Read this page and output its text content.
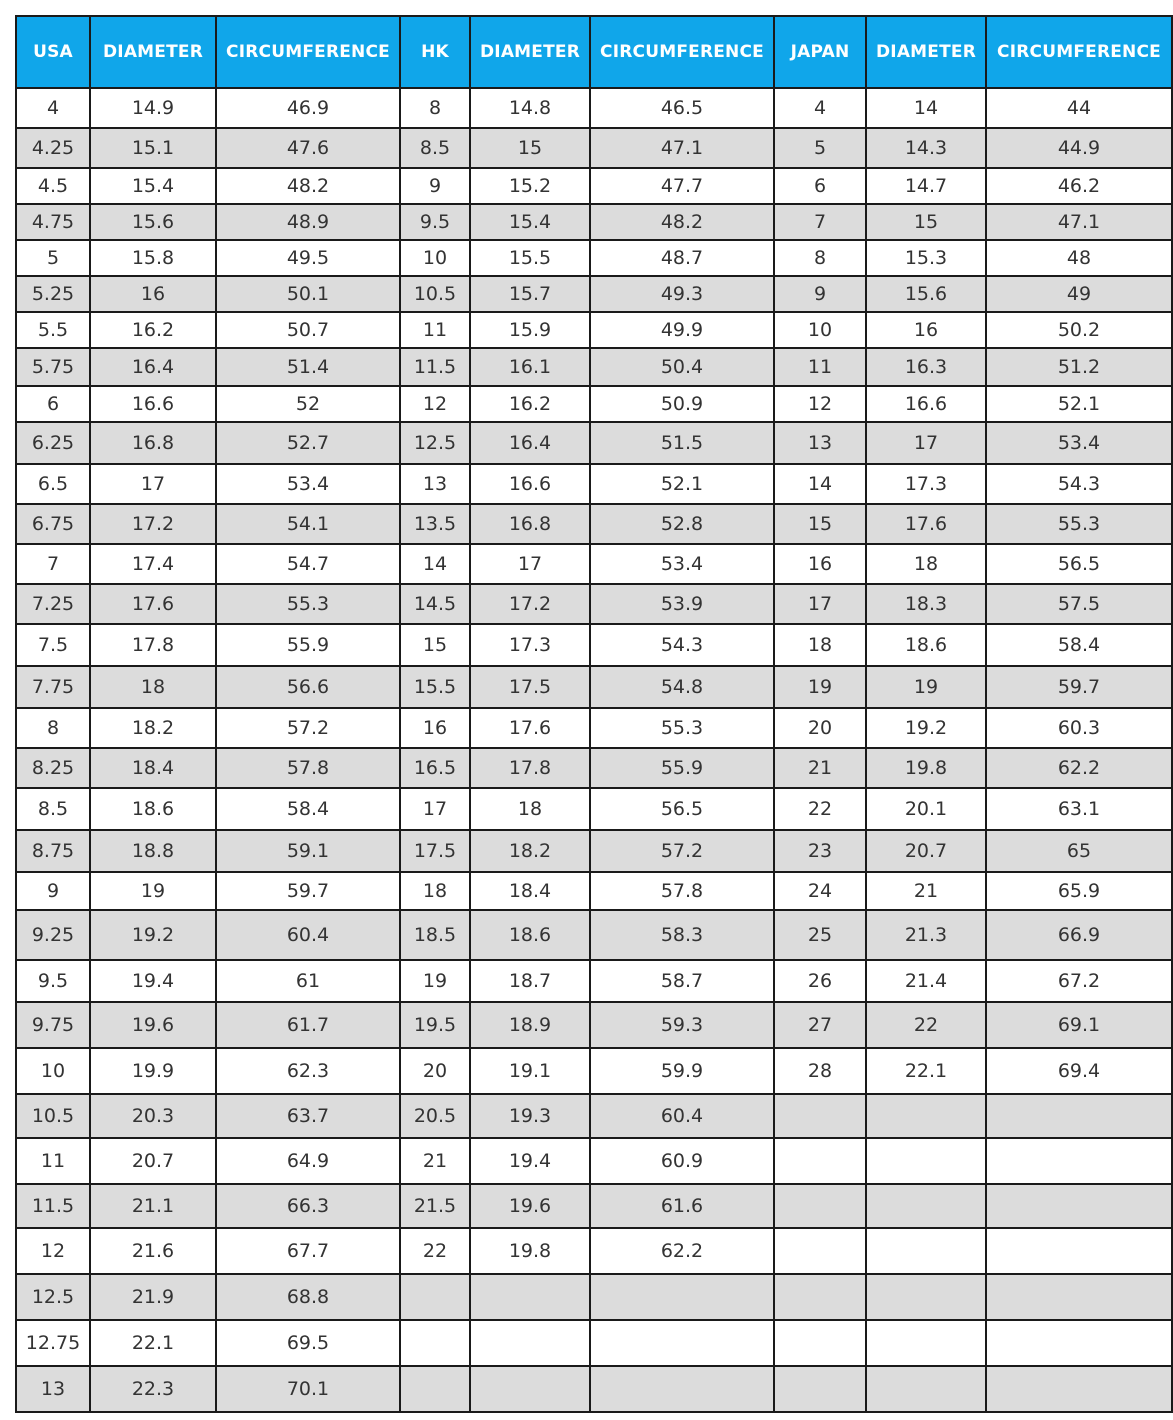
USA	DIAMETER	CIRCUMFERENCE	HK	DIAMETER	CIRCUMFERENCE	JAPAN	DIAMETER	CIRCUMFERENCE
4	14.9	46.9	8	14.8	46.5	4	14	44
4.25	15.1	47.6	8.5	15	47.1	5	14.3	44.9
4.5	15.4	48.2	9	15.2	47.7	6	14.7	46.2
4.75	15.6	48.9	9.5	15.4	48.2	7	15	47.1
5	15.8	49.5	10	15.5	48.7	8	15.3	48
5.25	16	50.1	10.5	15.7	49.3	9	15.6	49
5.5	16.2	50.7	11	15.9	49.9	10	16	50.2
5.75	16.4	51.4	11.5	16.1	50.4	11	16.3	51.2
6	16.6	52	12	16.2	50.9	12	16.6	52.1
6.25	16.8	52.7	12.5	16.4	51.5	13	17	53.4
6.5	17	53.4	13	16.6	52.1	14	17.3	54.3
6.75	17.2	54.1	13.5	16.8	52.8	15	17.6	55.3
7	17.4	54.7	14	17	53.4	16	18	56.5
7.25	17.6	55.3	14.5	17.2	53.9	17	18.3	57.5
7.5	17.8	55.9	15	17.3	54.3	18	18.6	58.4
7.75	18	56.6	15.5	17.5	54.8	19	19	59.7
8	18.2	57.2	16	17.6	55.3	20	19.2	60.3
8.25	18.4	57.8	16.5	17.8	55.9	21	19.8	62.2
8.5	18.6	58.4	17	18	56.5	22	20.1	63.1
8.75	18.8	59.1	17.5	18.2	57.2	23	20.7	65
9	19	59.7	18	18.4	57.8	24	21	65.9
9.25	19.2	60.4	18.5	18.6	58.3	25	21.3	66.9
9.5	19.4	61	19	18.7	58.7	26	21.4	67.2
9.75	19.6	61.7	19.5	18.9	59.3	27	22	69.1
10	19.9	62.3	20	19.1	59.9	28	22.1	69.4
10.5	20.3	63.7	20.5	19.3	60.4			
11	20.7	64.9	21	19.4	60.9			
11.5	21.1	66.3	21.5	19.6	61.6			
12	21.6	67.7	22	19.8	62.2			
12.5	21.9	68.8						
12.75	22.1	69.5						
13	22.3	70.1						
